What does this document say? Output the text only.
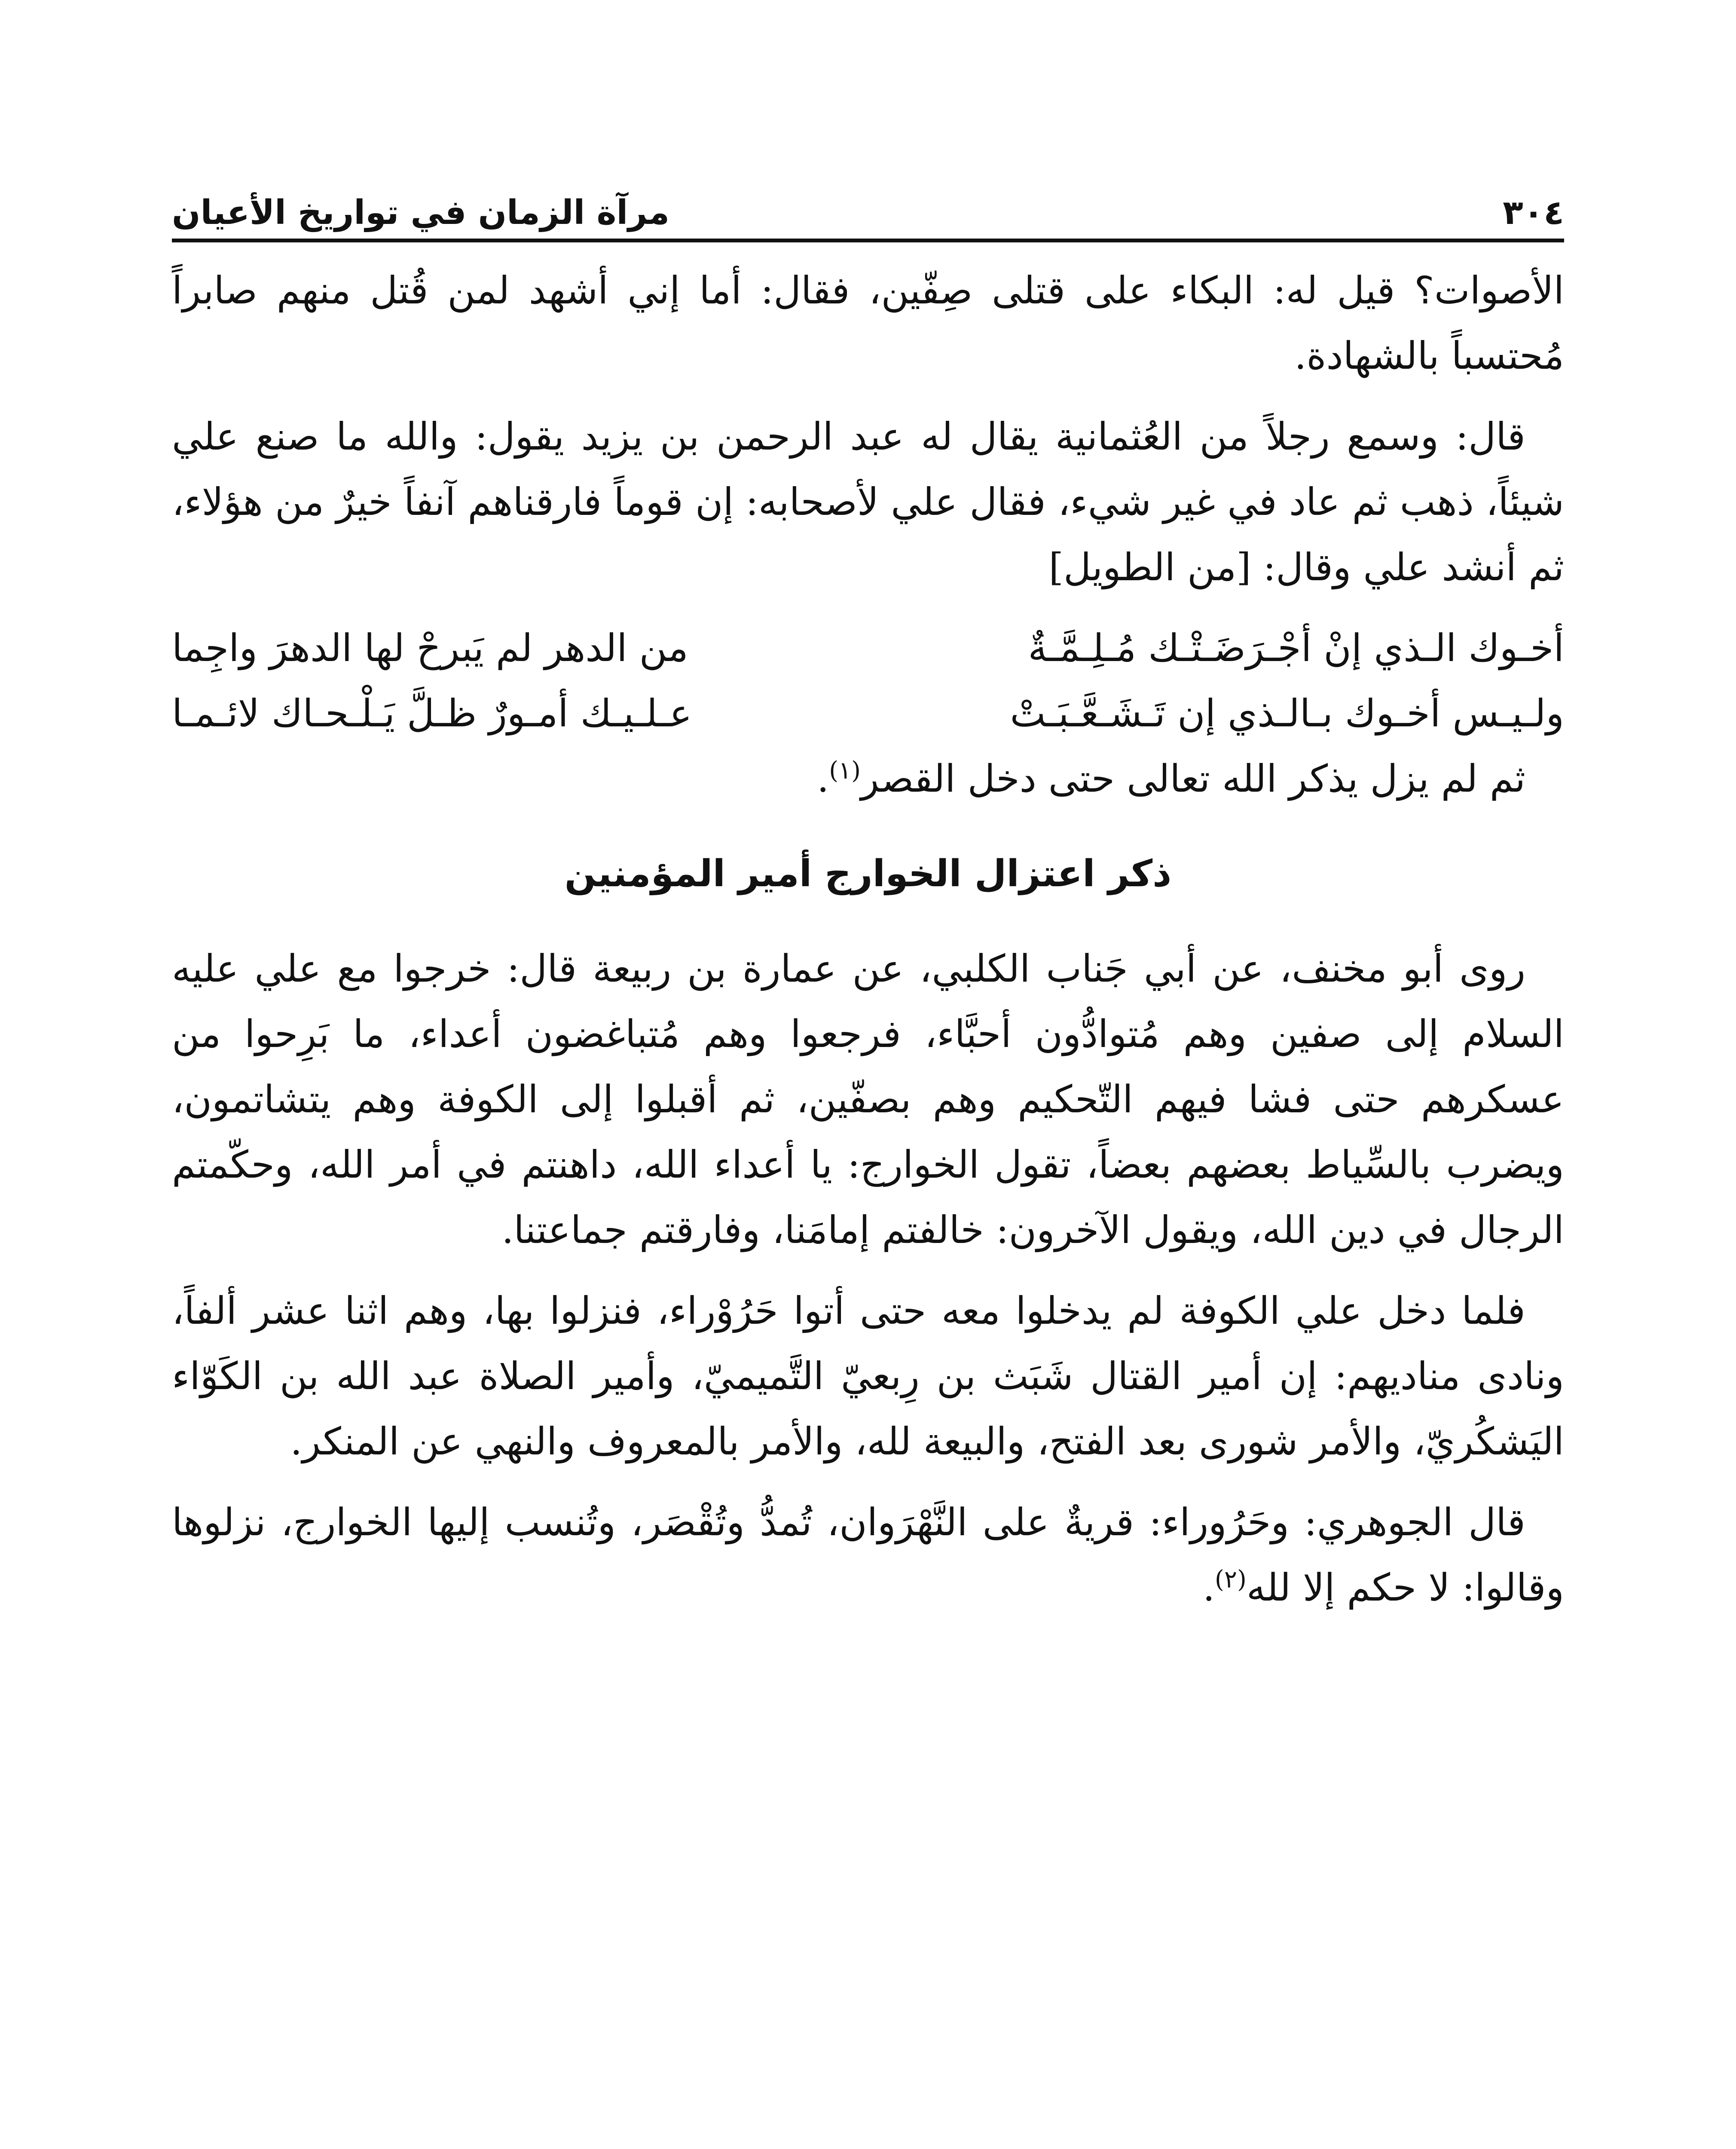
٣٠٤
مرآة الزمان في تواريخ الأعيان

الأصوات؟ قيل له: البكاء على قتلى صِفّين، فقال: أما إني أشهد لمن قُتل منهم صابراً مُحتسباً بالشهادة.

قال: وسمع رجلاً من العُثمانية يقال له عبد الرحمن بن يزيد يقول: والله ما صنع علي شيئاً، ذهب ثم عاد في غير شيء، فقال علي لأصحابه: إن قوماً فارقناهم آنفاً خيرٌ من هؤلاء، ثم أنشد علي وقال: [من الطويل]

أخـوك الـذي إنْ أجْـرَضَـتْـك مُـلِـمَّـةٌ
من الدهر لم يَبرحْ لها الدهرَ واجِما
ولـيـس أخـوك بـالـذي إن تَـشَـعَّـبَـتْ
عـلـيـك أمـورٌ ظـلَّ يَـلْـحـاك لائـمـا

ثم لم يزل يذكر الله تعالى حتى دخل القصر$^{(١)}$.

ذكر اعتزال الخوارج أمير المؤمنين

روى أبو مخنف، عن أبي جَناب الكلبي، عن عمارة بن ربيعة قال: خرجوا مع علي عليه السلام إلى صفين وهم مُتوادُّون أحبَّاء، فرجعوا وهم مُتباغضون أعداء، ما بَرِحوا من عسكرهم حتى فشا فيهم التّحكيم وهم بصفّين، ثم أقبلوا إلى الكوفة وهم يتشاتمون، ويضرب بالسِّياط بعضهم بعضاً، تقول الخوارج: يا أعداء الله، داهنتم في أمر الله، وحكّمتم الرجال في دين الله، ويقول الآخرون: خالفتم إمامَنا، وفارقتم جماعتنا.

فلما دخل علي الكوفة لم يدخلوا معه حتى أتوا حَرُوْراء، فنزلوا بها، وهم اثنا عشر ألفاً، ونادى مناديهم: إن أمير القتال شَبَث بن رِبعيّ التَّميميّ، وأمير الصلاة عبد الله بن الكَوّاء اليَشكُريّ، والأمر شورى بعد الفتح، والبيعة لله، والأمر بالمعروف والنهي عن المنكر.

قال الجوهري: وحَرُوراء: قريةٌ على النَّهْرَوان، تُمدُّ وتُقْصَر، وتُنسب إليها الخوارج، نزلوها وقالوا: لا حكم إلا لله$^{(٢)}$.
